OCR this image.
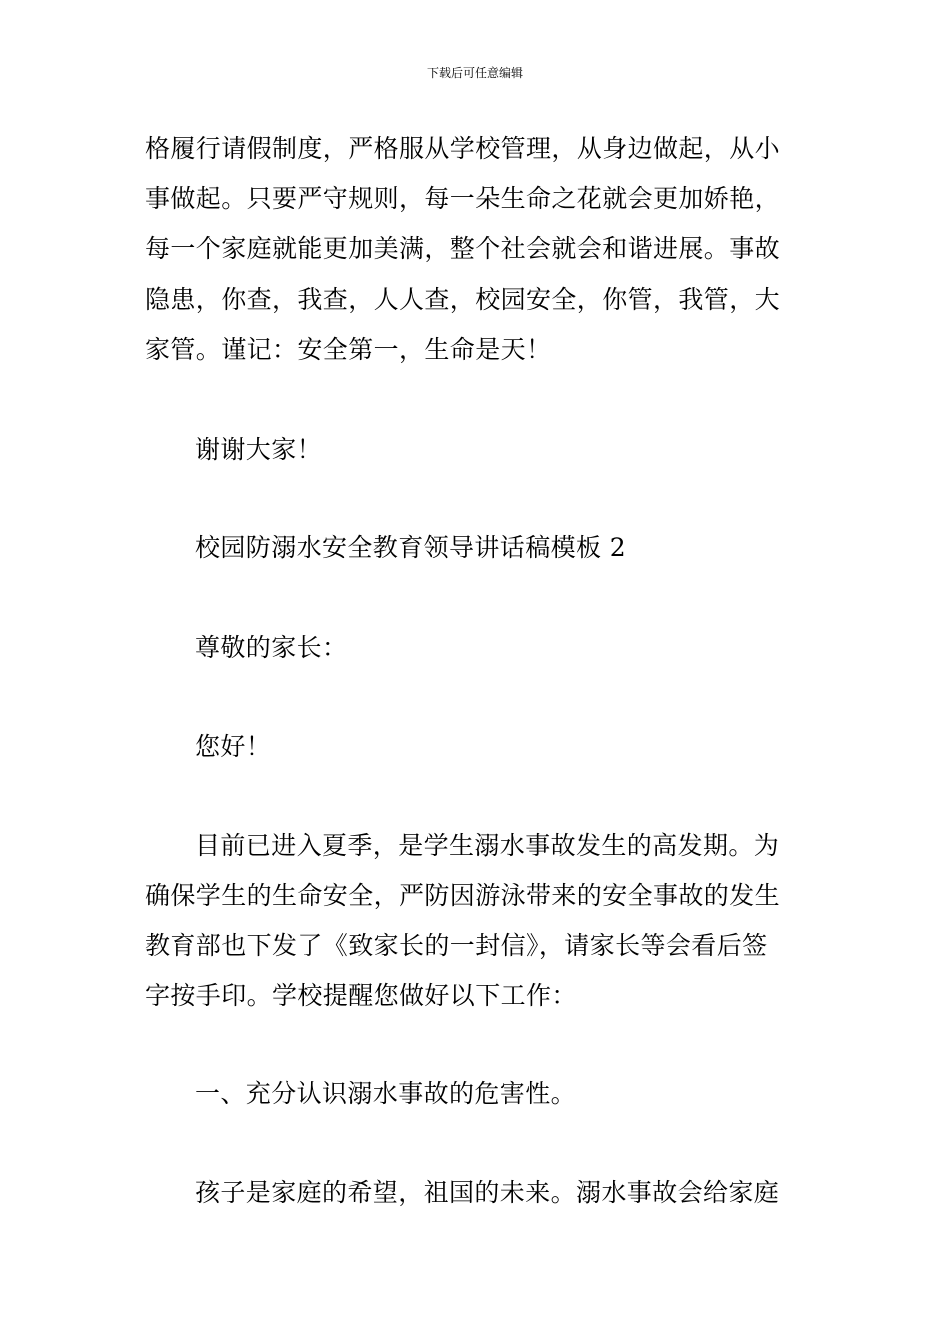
下载后可任意编辑
格履行请假制度，严格服从学校管理，从身边做起，从小
事做起。只要严守规则，每一朵生命之花就会更加娇艳，
每一个家庭就能更加美满，整个社会就会和谐进展。事故
隐患，你查，我查，人人查，校园安全，你管，我管，大
家管。谨记：安全第一，生命是天！
谢谢大家！
校园防溺水安全教育领导讲话稿模板 2
尊敬的家长：
您好！
目前已进入夏季，是学生溺水事故发生的高发期。为
确保学生的生命安全，严防因游泳带来的安全事故的发生
教育部也下发了《致家长的一封信》，请家长等会看后签
字按手印。学校提醒您做好以下工作：
一、充分认识溺水事故的危害性。
孩子是家庭的希望，祖国的未来。溺水事故会给家庭
